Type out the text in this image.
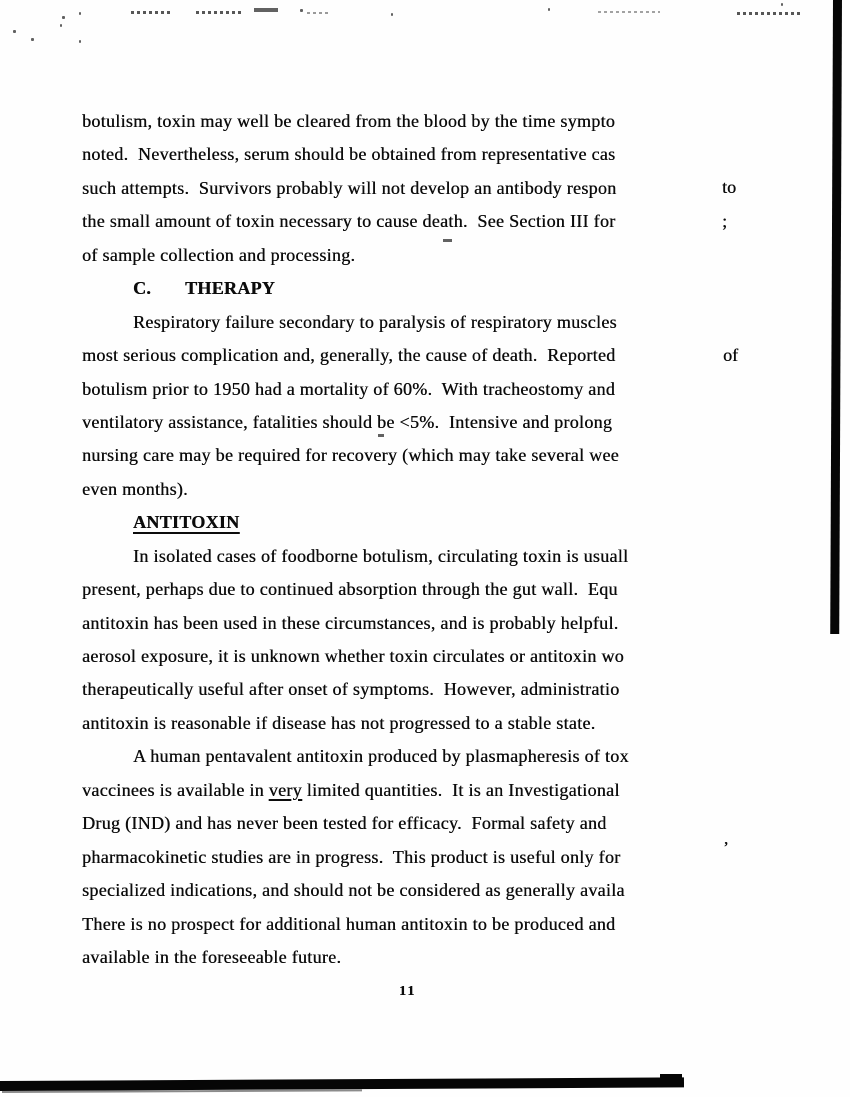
botulism, toxin may well be cleared from the blood by the time sympto

noted.  Nevertheless, serum should be obtained from representative cas

such attempts.  Survivors probably will not develop an antibody respon

the small amount of toxin necessary to cause death.  See Section III for

of sample collection and processing.

C. THERAPY

Respiratory failure secondary to paralysis of respiratory muscles

most serious complication and, generally, the cause of death.  Reported

botulism prior to 1950 had a mortality of 60%.  With tracheostomy and

ventilatory assistance, fatalities should be <5%.  Intensive and prolong

nursing care may be required for recovery (which may take several wee

even months).

ANTITOXIN

In isolated cases of foodborne botulism, circulating toxin is usuall

present, perhaps due to continued absorption through the gut wall.  Equ

antitoxin has been used in these circumstances, and is probably helpful.

aerosol exposure, it is unknown whether toxin circulates or antitoxin wo

therapeutically useful after onset of symptoms.  However, administratio

antitoxin is reasonable if disease has not progressed to a stable state.

A human pentavalent antitoxin produced by plasmapheresis of tox

vaccinees is available in very limited quantities.  It is an Investigational

Drug (IND) and has never been tested for efficacy.  Formal safety and

pharmacokinetic studies are in progress.  This product is useful only for

specialized indications, and should not be considered as generally availa

There is no prospect for additional human antitoxin to be produced and

available in the foreseeable future.

to
;
of
’
11
